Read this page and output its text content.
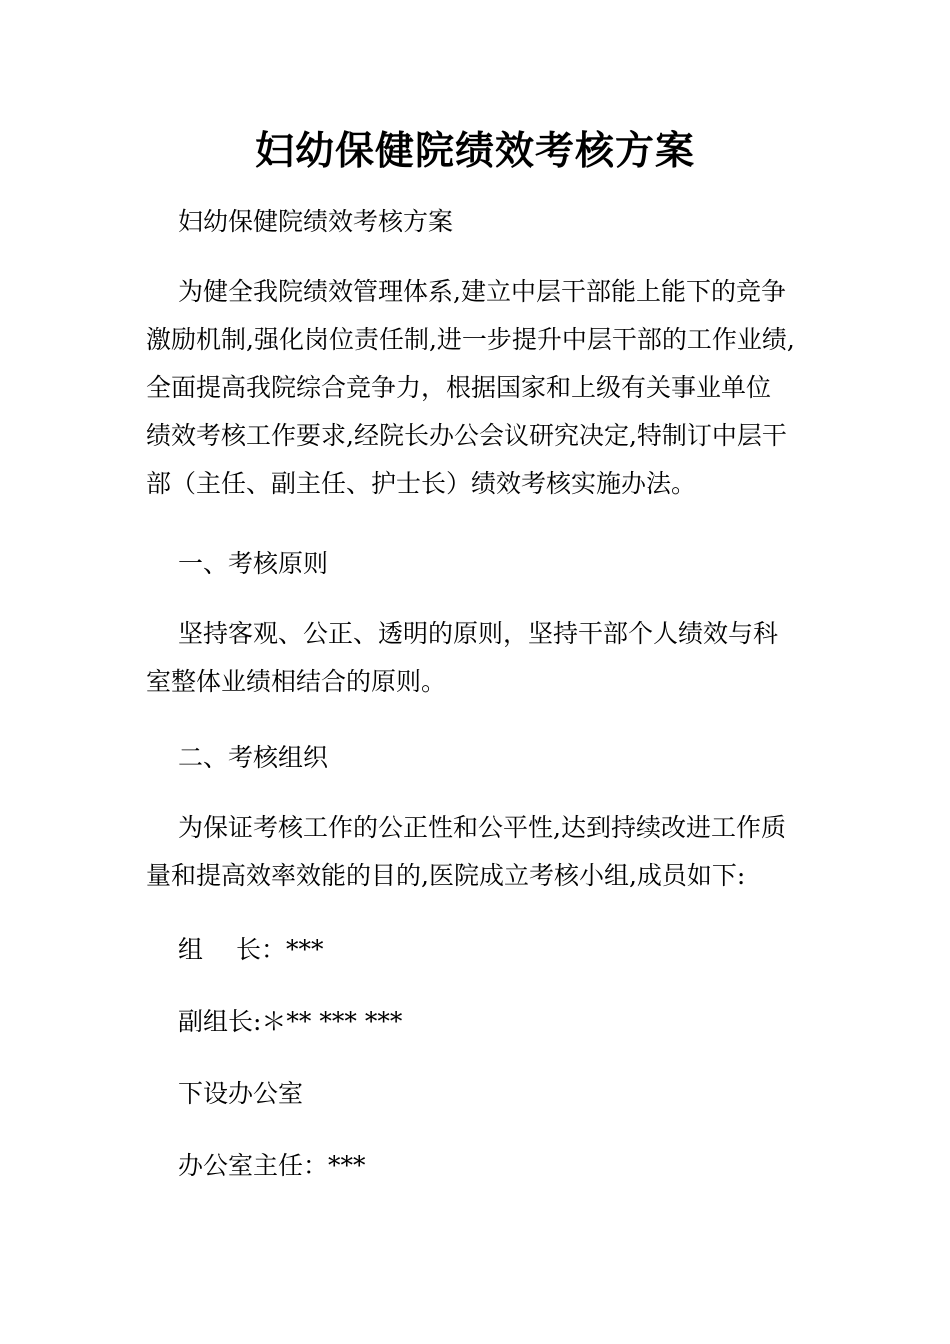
妇幼保健院绩效考核方案
妇幼保健院绩效考核方案
为健全我院绩效管理体系,建立中层干部能上能下的竞争
激励机制,强化岗位责任制,进一步提升中层干部的工作业绩,
全面提高我院综合竞争力，根据国家和上级有关事业单位
绩效考核工作要求,经院长办公会议研究决定,特制订中层干
部（主任、副主任、护士长）绩效考核实施办法。
一、考核原则
坚持客观、公正、透明的原则，坚持干部个人绩效与科
室整体业绩相结合的原则。
二、考核组织
为保证考核工作的公正性和公平性,达到持续改进工作质
量和提高效率效能的目的,医院成立考核小组,成员如下:
组　 长：***
副组长:＊** *** ***
下设办公室
办公室主任：***
